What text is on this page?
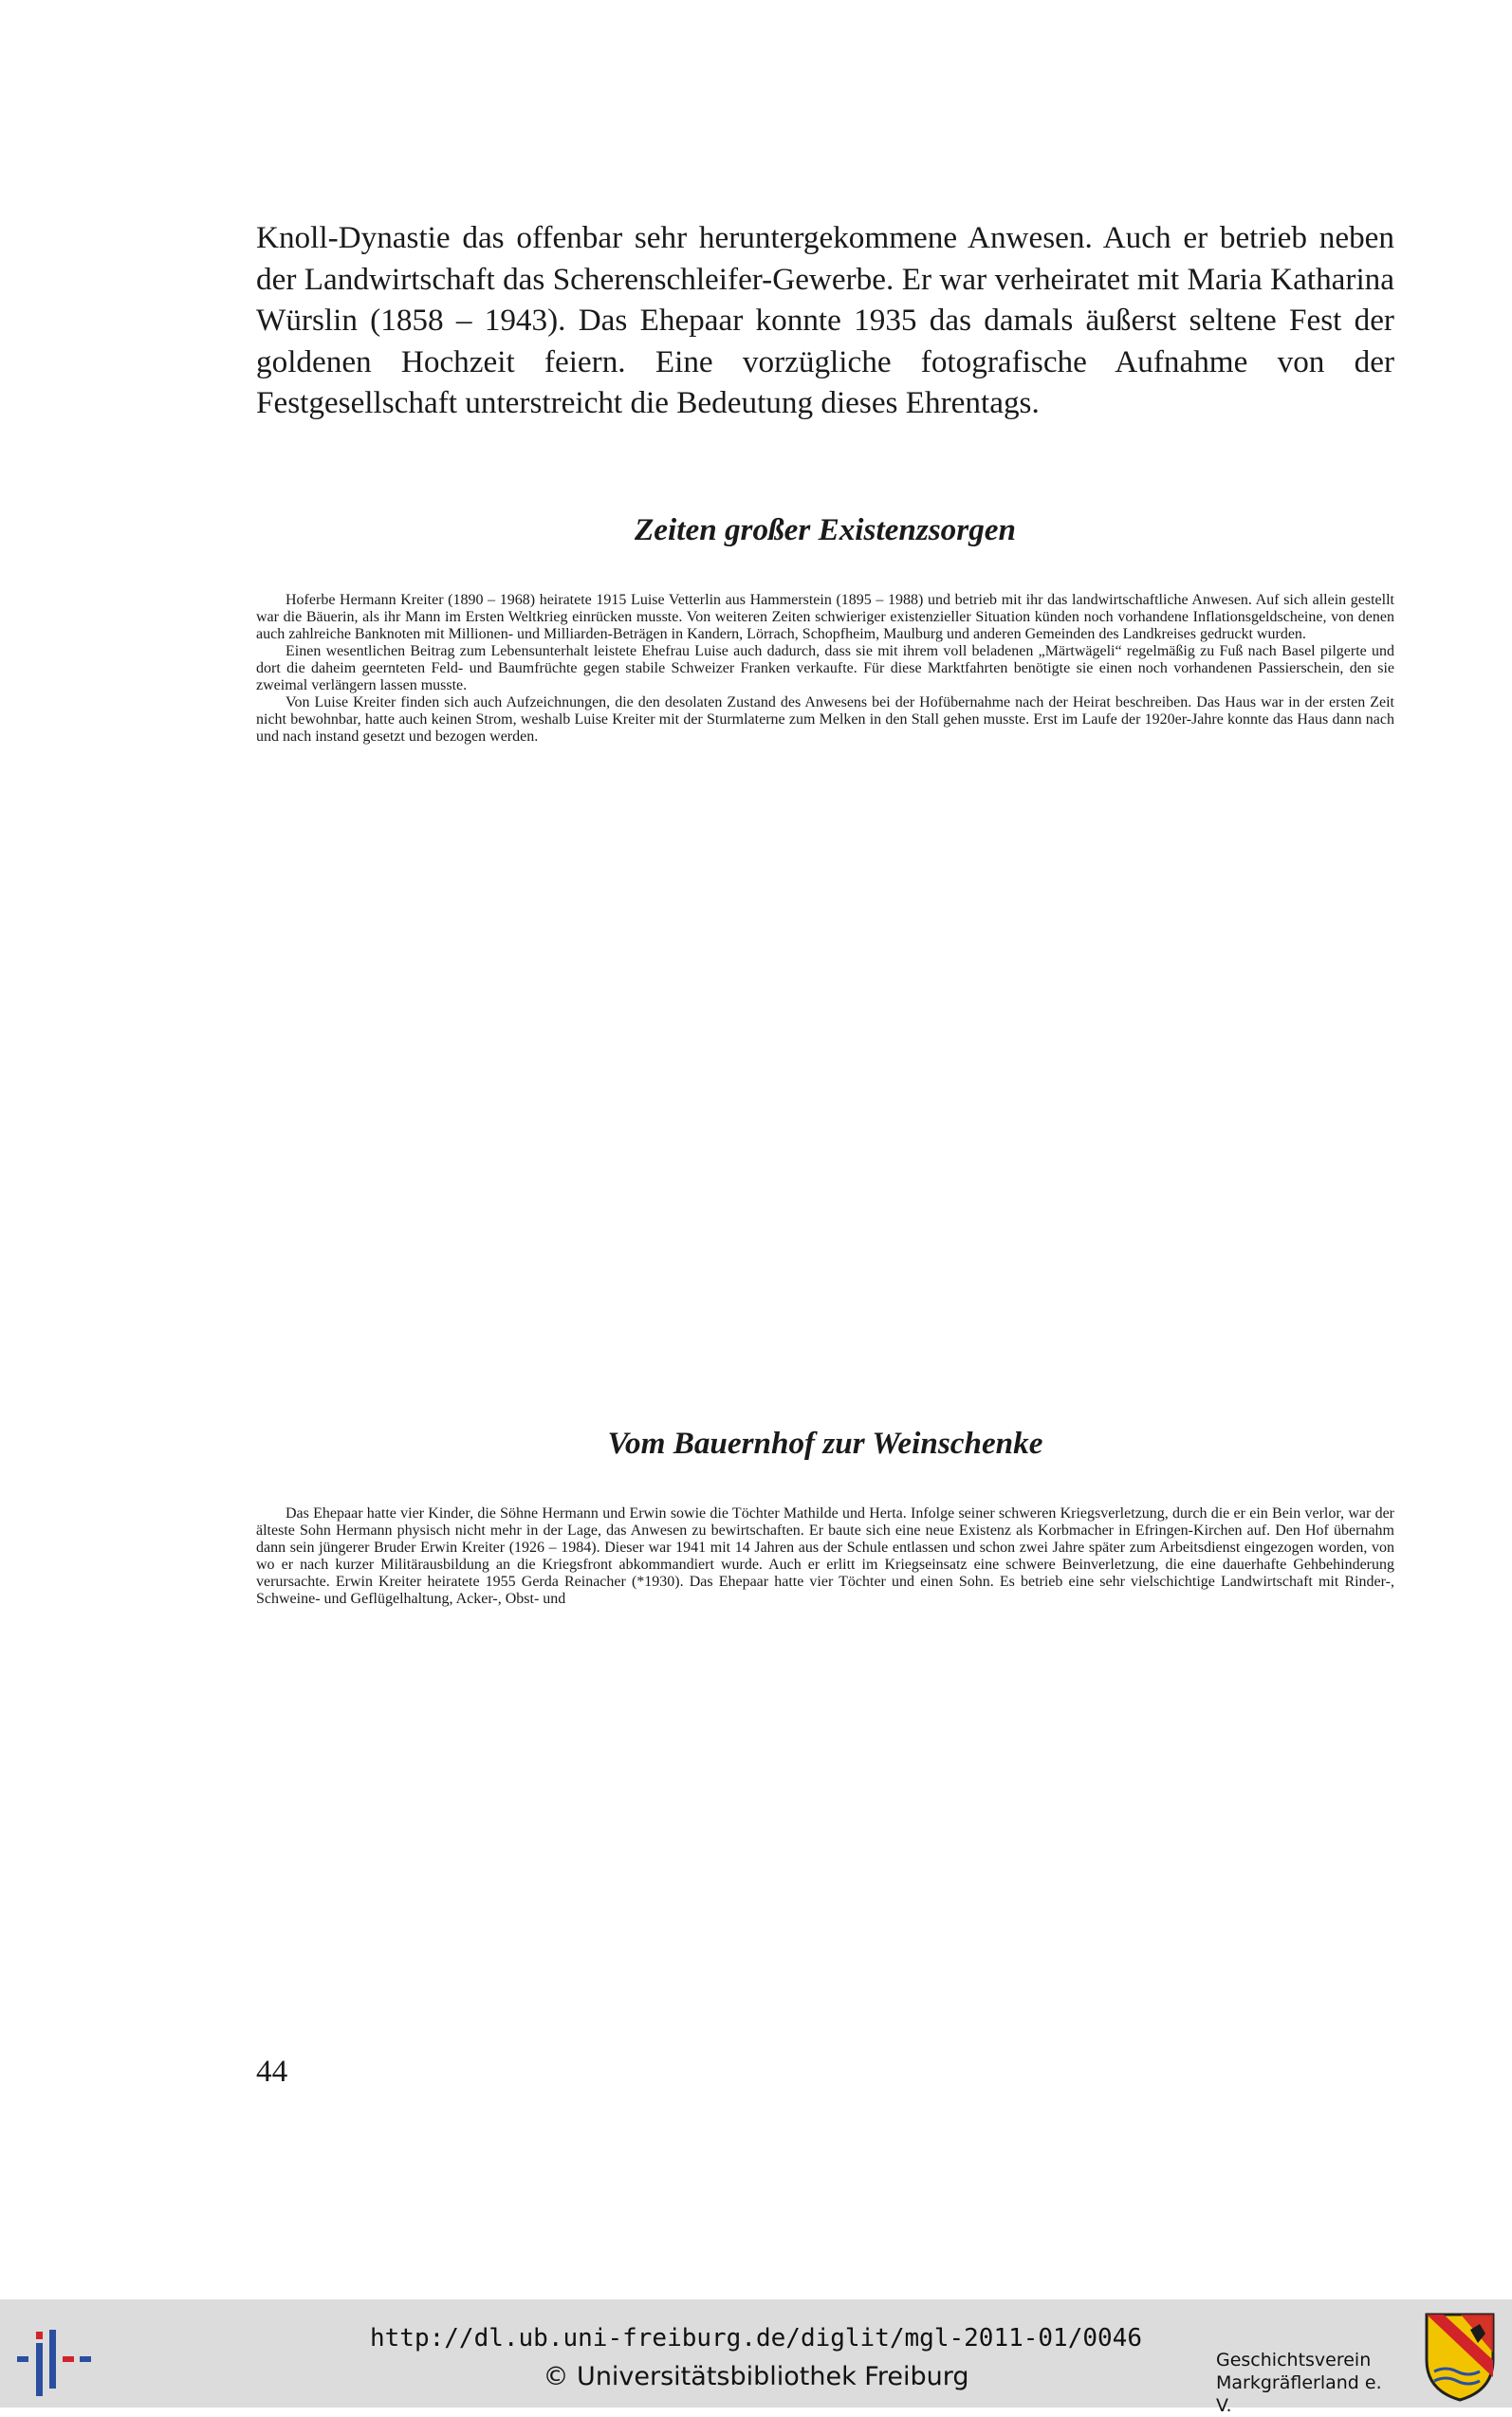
Knoll-Dynastie das offenbar sehr heruntergekommene Anwesen. Auch er betrieb neben der Landwirtschaft das Scherenschleifer-Gewerbe. Er war verheiratet mit Maria Katharina Würslin (1858 – 1943). Das Ehepaar konnte 1935 das damals äußerst seltene Fest der goldenen Hochzeit feiern. Eine vorzügliche fotografische Aufnahme von der Festgesellschaft unterstreicht die Bedeutung dieses Ehrentags.

Zeiten großer Existenzsorgen

Hoferbe Hermann Kreiter (1890 – 1968) heiratete 1915 Luise Vetterlin aus Hammerstein (1895 – 1988) und betrieb mit ihr das landwirtschaftliche Anwesen. Auf sich allein gestellt war die Bäuerin, als ihr Mann im Ersten Weltkrieg einrücken musste. Von weiteren Zeiten schwieriger existenzieller Situation künden noch vorhandene Inflationsgeldscheine, von denen auch zahlreiche Banknoten mit Millionen- und Milliarden-Beträgen in Kandern, Lörrach, Schopfheim, Maulburg und anderen Gemeinden des Landkreises gedruckt wurden.

Einen wesentlichen Beitrag zum Lebensunterhalt leistete Ehefrau Luise auch dadurch, dass sie mit ihrem voll beladenen „Märtwägeli“ regelmäßig zu Fuß nach Basel pilgerte und dort die daheim geernteten Feld- und Baumfrüchte gegen stabile Schweizer Franken verkaufte. Für diese Marktfahrten benötigte sie einen noch vorhandenen Passierschein, den sie zweimal verlängern lassen musste.

Von Luise Kreiter finden sich auch Aufzeichnungen, die den desolaten Zustand des Anwesens bei der Hofübernahme nach der Heirat beschreiben. Das Haus war in der ersten Zeit nicht bewohnbar, hatte auch keinen Strom, weshalb Luise Kreiter mit der Sturmlaterne zum Melken in den Stall gehen musste. Erst im Laufe der 1920er-Jahre konnte das Haus dann nach und nach instand gesetzt und bezogen werden.

Vom Bauernhof zur Weinschenke

Das Ehepaar hatte vier Kinder, die Söhne Hermann und Erwin sowie die Töchter Mathilde und Herta. Infolge seiner schweren Kriegsverletzung, durch die er ein Bein verlor, war der älteste Sohn Hermann physisch nicht mehr in der Lage, das Anwesen zu bewirtschaften. Er baute sich eine neue Existenz als Korbmacher in Efringen-Kirchen auf. Den Hof übernahm dann sein jüngerer Bruder Erwin Kreiter (1926 – 1984). Dieser war 1941 mit 14 Jahren aus der Schule entlassen und schon zwei Jahre später zum Arbeitsdienst eingezogen worden, von wo er nach kurzer Militärausbildung an die Kriegsfront abkommandiert wurde. Auch er erlitt im Kriegseinsatz eine schwere Beinverletzung, die eine dauerhafte Gehbehinderung verursachte. Erwin Kreiter heiratete 1955 Gerda Reinacher (*1930). Das Ehepaar hatte vier Töchter und einen Sohn. Es betrieb eine sehr vielschichtige Landwirtschaft mit Rinder-, Schweine- und Geflügelhaltung, Acker-, Obst- und

44
http://dl.ub.uni-freiburg.de/diglit/mgl-2011-01/0046
© Universitätsbibliothek Freiburg
Geschichtsverein
Markgräflerland e. V.
